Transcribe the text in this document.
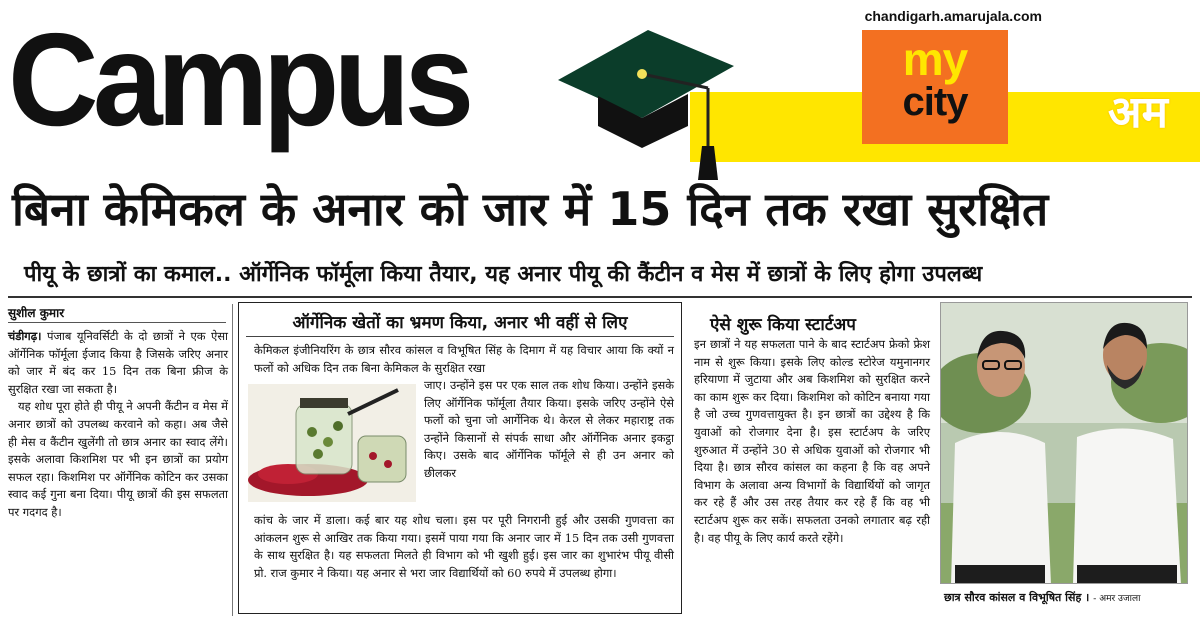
chandigarh.amarujala.com
Campus	my
city	अम
बिना केमिकल के अनार को जार में 15 दिन तक रखा सुरक्षित
पीयू के छात्रों का कमाल.. ऑर्गेनिक फॉर्मूला किया तैयार, यह अनार पीयू की कैंटीन व मेस में छात्रों के लिए होगा उपलब्ध
सुशील कुमार

चंडीगढ़। पंजाब यूनिवर्सिटी के दो छात्रों ने एक ऐसा ऑर्गेनिक फॉर्मूला ईजाद किया है जिसके जरिए अनार को जार में बंद कर 15 दिन तक बिना फ्रीज के सुरक्षित रखा जा सकता है।

यह शोध पूरा होते ही पीयू ने अपनी कैंटीन व मेस में अनार छात्रों को उपलब्ध करवाने को कहा। अब जैसे ही मेस व कैंटीन खुलेंगी तो छात्र अनार का स्वाद लेंगे। इसके अलावा किशमिश पर भी इन छात्रों का प्रयोग सफल रहा। किशमिश पर ऑर्गेनिक कोटिन कर उसका स्वाद कई गुना बना दिया। पीयू छात्रों की इस सफलता पर गदगद है।

ऑर्गेनिक खेतों का भ्रमण किया, अनार भी वहीं से लिए
केमिकल इंजीनियरिंग के छात्र सौरव कांसल व विभूषित सिंह के दिमाग में यह विचार आया कि क्यों न फलों को अधिक दिन तक बिना केमिकल के सुरक्षित रखा
जाए। उन्होंने इस पर एक साल तक शोध किया। उन्होंने इसके लिए ऑर्गेनिक फॉर्मूला तैयार किया। इसके जरिए उन्होंने ऐसे फलों को चुना जो आर्गेनिक थे। केरल से लेकर महाराष्ट्र तक उन्होंने किसानों से संपर्क साधा और ऑर्गेनिक अनार इकट्ठा किए। उसके बाद ऑर्गेनिक फॉर्मूले से ही उन अनार को छीलकर
कांच के जार में डाला। कई बार यह शोध चला। इस पर पूरी निगरानी हुई और उसकी गुणवत्ता का आंकलन शुरू से आखिर तक किया गया। इसमें पाया गया कि अनार जार में 15 दिन तक उसी गुणवत्ता के साथ सुरक्षित है। यह सफलता मिलते ही विभाग को भी खुशी हुई। इस जार का शुभारंभ पीयू वीसी प्रो. राज कुमार ने किया। यह अनार से भरा जार विद्यार्थियों को 60 रुपये में उपलब्ध होगा।
ऐसे शुरू किया स्टार्टअप
इन छात्रों ने यह सफलता पाने के बाद स्टार्टअप फ्रेको फ्रेश नाम से शुरू किया। इसके लिए कोल्ड स्टोरेज यमुनानगर हरियाणा में जुटाया और अब किशमिश को सुरक्षित करने का काम शुरू कर दिया। किशमिश को कोटिन बनाया गया है जो उच्च गुणवत्तायुक्त है। इन छात्रों का उद्देश्य है कि युवाओं को रोजगार देना है। इस स्टार्टअप के जरिए शुरुआत में उन्होंने 30 से अधिक युवाओं को रोजगार भी दिया है। छात्र सौरव कांसल का कहना है कि वह अपने विभाग के अलावा अन्य विभागों के विद्यार्थियों को जागृत कर रहे हैं और उस तरह तैयार कर रहे हैं कि वह भी स्टार्टअप शुरू कर सकें। सफलता उनको लगातार बढ़ रही है। वह पीयू के लिए कार्य करते रहेंगे।
छात्र सौरव कांसल व विभूषित सिंह । - अमर उजाला
